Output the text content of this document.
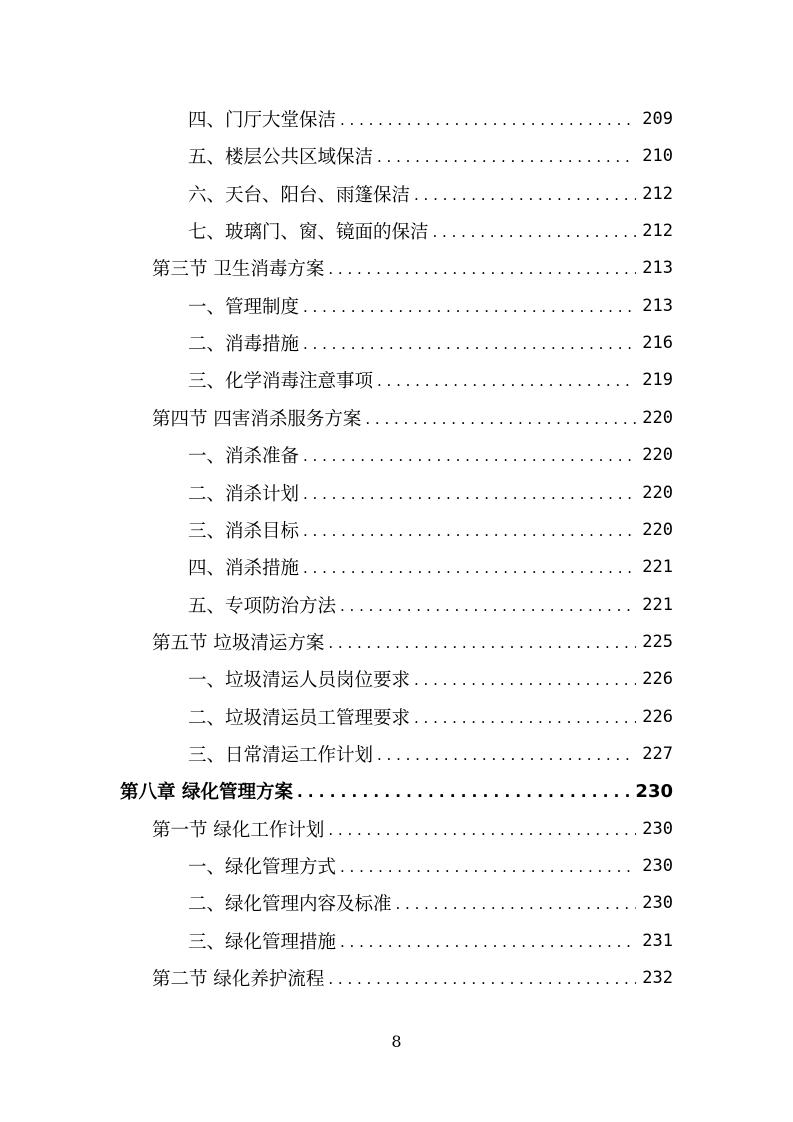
四、门厅大堂保洁 . . .	209
五、楼层公共区域保洁 . . .	210
六、天台、阳台、雨篷保洁 . . .	212
七、玻璃门、窗、镜面的保洁 . . .	212
第三节 卫生消毒方案 . . .	213
一、管理制度 . . .	213
二、消毒措施 . . .	216
三、化学消毒注意事项 . . .	219
第四节 四害消杀服务方案 . . .	220
一、消杀准备 . . .	220
二、消杀计划 . . .	220
三、消杀目标 . . .	220
四、消杀措施 . . .	221
五、专项防治方法 . . .	221
第五节 垃圾清运方案 . . .	225
一、垃圾清运人员岗位要求 . . .	226
二、垃圾清运员工管理要求 . . .	226
三、日常清运工作计划 . . .	227
第八章 绿化管理方案 . . .	230
第一节 绿化工作计划 . . .	230
一、绿化管理方式 . . .	230
二、绿化管理内容及标准 . . .	230
三、绿化管理措施 . . .	231
第二节 绿化养护流程 . . .	232
8
